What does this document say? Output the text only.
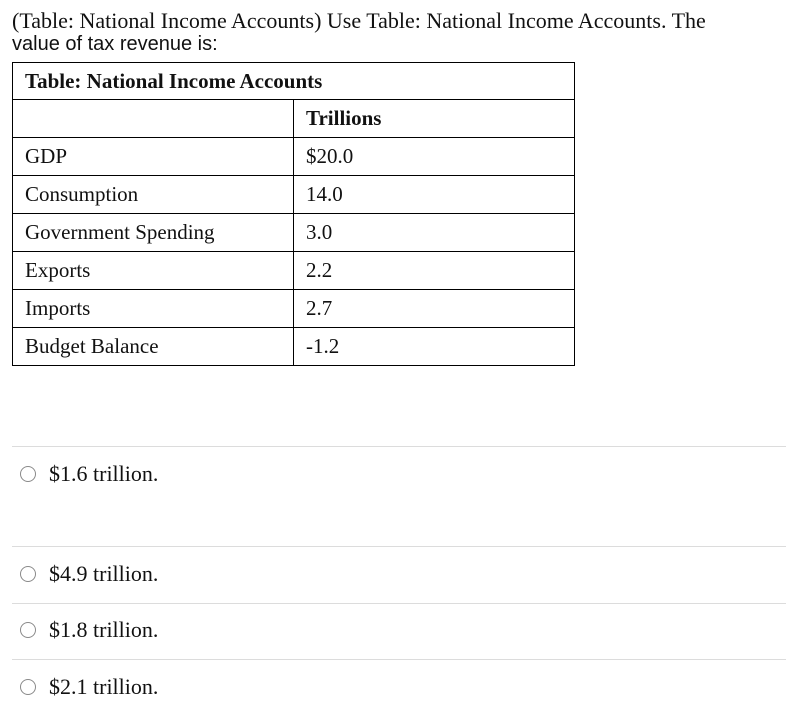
(Table: National Income Accounts) Use Table: National Income Accounts. The
value of tax revenue is:
Table: National Income Accounts	
	Trillions
GDP	$20.0
Consumption	14.0
Government Spending	3.0
Exports	2.2
Imports	2.7
Budget Balance	-1.2
$1.6 trillion.
$4.9 trillion.
$1.8 trillion.
$2.1 trillion.
